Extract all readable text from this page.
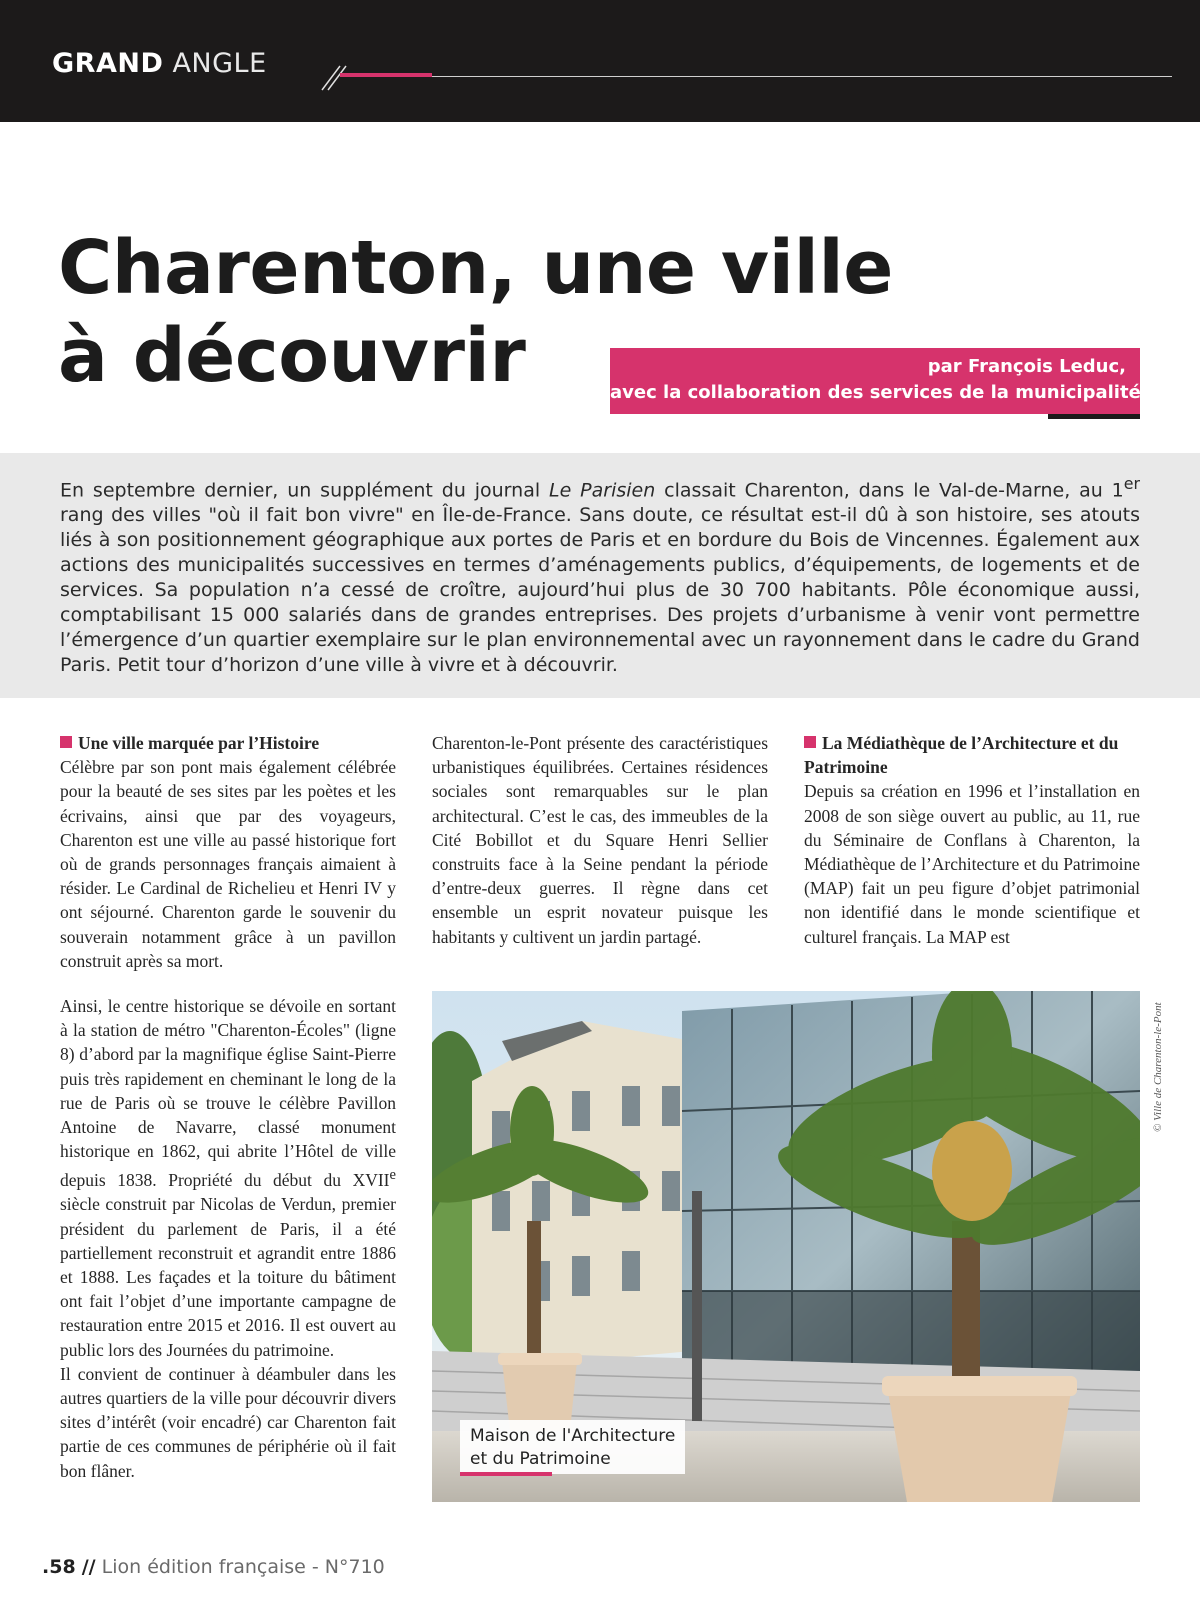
GRAND ANGLE
Charenton, une ville
à découvrir	par François Leduc,
avec la collaboration des services de la municipalité

En septembre dernier, un supplément du journal Le Parisien classait Charenton, dans le Val-de-Marne, au 1er rang des villes "où il fait bon vivre" en Île-de-France. Sans doute, ce résultat est-il dû à son histoire, ses atouts liés à son positionnement géographique aux portes de Paris et en bordure du Bois de Vincennes. Également aux actions des municipalités successives en termes d’aménagements publics, d’équipements, de logements et de services. Sa population n’a cessé de croître, aujourd’hui plus de 30 700 habitants. Pôle économique aussi, comptabilisant 15 000 salariés dans de grandes entreprises. Des projets d’urbanisme à venir vont permettre l’émergence d’un quartier exemplaire sur le plan environnemental avec un rayonnement dans le cadre du Grand Paris. Petit tour d’horizon d’une ville à vivre et à découvrir.

Une ville marquée par l’Histoire

Célèbre par son pont mais également célébrée pour la beauté de ses sites par les poètes et les écrivains, ainsi que par des voyageurs, Charenton est une ville au passé historique fort où de grands personnages français aimaient à résider. Le Cardinal de Richelieu et Henri IV y ont séjourné. Charenton garde le souvenir du souverain notamment grâce à un pavillon construit après sa mort.

Ainsi, le centre historique se dévoile en sortant à la station de métro "Charenton-Écoles" (ligne 8) d’abord par la magnifique église Saint-Pierre puis très rapidement en cheminant le long de la rue de Paris où se trouve le célèbre Pavillon Antoine de Navarre, classé monument historique en 1862, qui abrite l’Hôtel de ville depuis 1838. Propriété du début du XVIIe siècle construit par Nicolas de Verdun, premier président du parlement de Paris, il a été partiellement reconstruit et agrandit entre 1886 et 1888. Les façades et la toiture du bâtiment ont fait l’objet d’une importante campagne de restauration entre 2015 et 2016. Il est ouvert au public lors des Journées du patrimoine.

Il convient de continuer à déambuler dans les autres quartiers de la ville pour découvrir divers sites d’intérêt (voir encadré) car Charenton fait partie de ces communes de périphérie où il fait bon flâner.

Charenton-le-Pont présente des caractéristiques urbanistiques équilibrées. Certaines résidences sociales sont remarquables sur le plan architectural. C’est le cas, des immeubles de la Cité Bobillot et du Square Henri Sellier construits face à la Seine pendant la période d’entre-deux guerres. Il règne dans cet ensemble un esprit novateur puisque les habitants y cultivent un jardin partagé.

La Médiathèque de l’Architecture et du Patrimoine

Depuis sa création en 1996 et l’installation en 2008 de son siège ouvert au public, au 11, rue du Séminaire de Conflans à Charenton, la Médiathèque de l’Architecture et du Patrimoine (MAP) fait un peu figure d’objet patrimonial non identifié dans le monde scientifique et culturel français. La MAP est

Maison de l'Architecture
et du Patrimoine
© Ville de Charenton-le-Pont
.58 // Lion édition française - N°710
